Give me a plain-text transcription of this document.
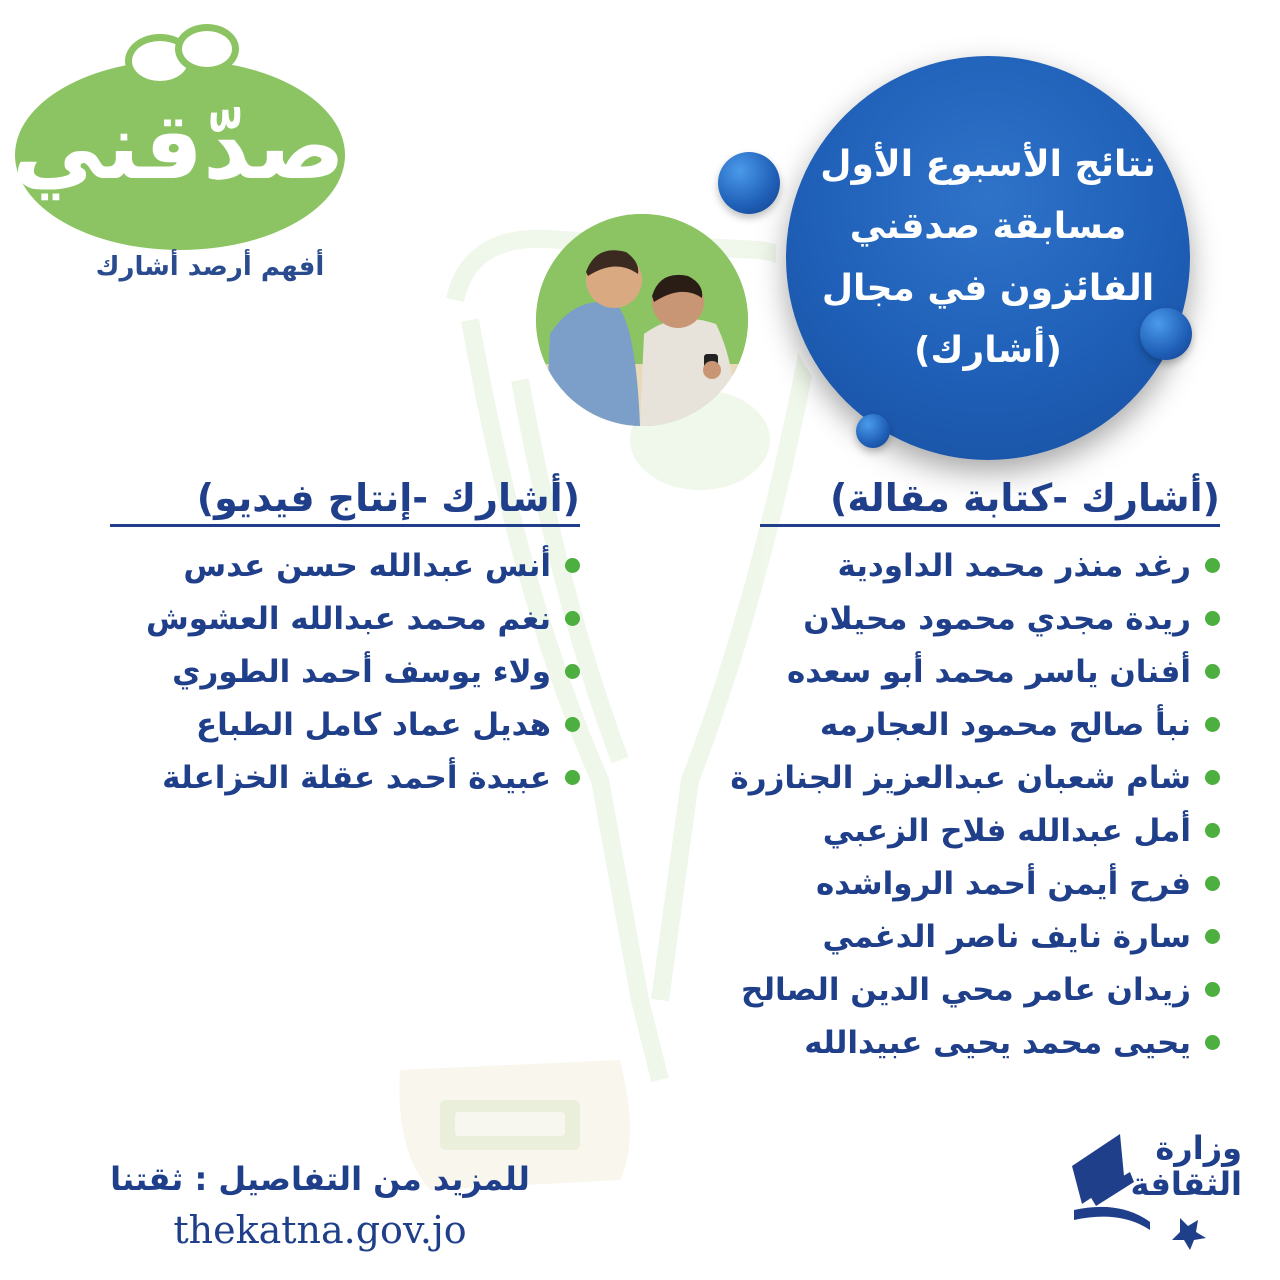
صدّقني
أفهم أرصد أشارك
نتائج الأسبوع الأول
مسابقة صدقني
الفائزون في مجال
(أشارك)
(أشارك -كتابة مقالة)
رغد منذر محمد الداودية
ريدة مجدي محمود محيلان
أفنان ياسر محمد أبو سعده
نبأ صالح محمود العجارمه
شام شعبان عبدالعزيز الجنازرة
أمل عبدالله فلاح الزعبي
فرح أيمن أحمد الرواشده
سارة نايف ناصر الدغمي
زيدان عامر محي الدين الصالح
يحيى محمد يحيى عبيدالله
(أشارك -إنتاج فيديو)
أنس عبدالله حسن عدس
نغم محمد عبدالله العشوش
ولاء يوسف أحمد الطوري
هديل عماد كامل الطباع
عبيدة أحمد عقلة الخزاعلة
للمزيد من التفاصيل : ثقتنا
thekatna.gov.jo
وزارة
الثقافة
